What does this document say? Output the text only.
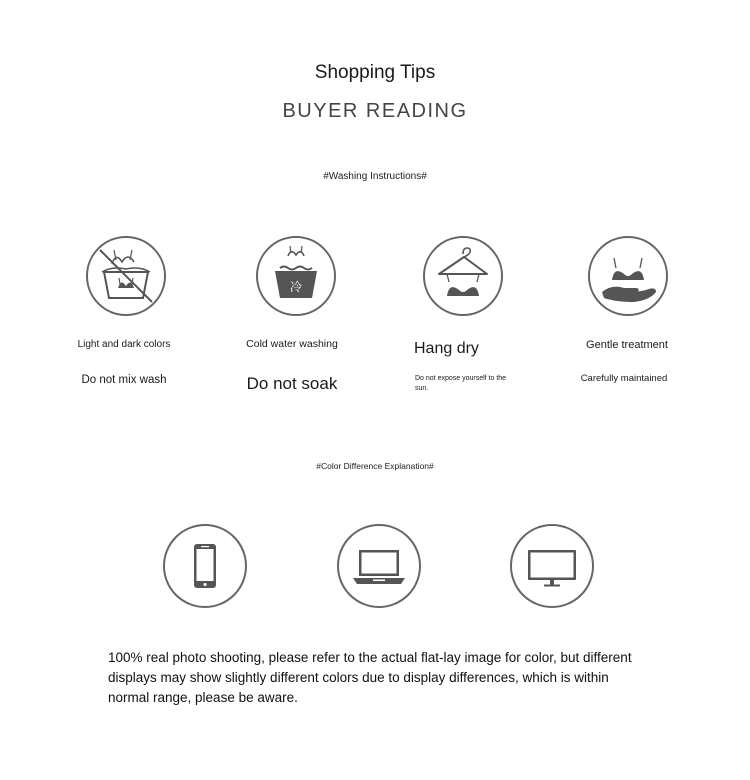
Shopping Tips
BUYER READING
#Washing Instructions#
冷
Light and dark colors
Do not mix wash
Cold water washing
Do not soak
Hang dry
Do not expose yourself to the sun.
Gentle treatment
Carefully maintained
#Color Difference Explanation#
100% real photo shooting, please refer to the actual flat-lay image for color, but different displays may show slightly different colors due to display differences, which is within normal range, please be aware.
